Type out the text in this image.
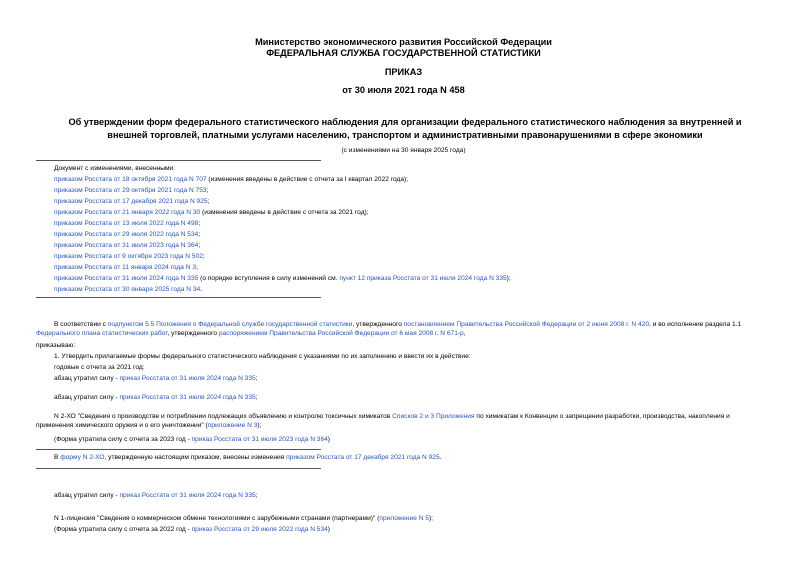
Министерство экономического развития Российской Федерации
ФЕДЕРАЛЬНАЯ СЛУЖБА ГОСУДАРСТВЕННОЙ СТАТИСТИКИ
ПРИКАЗ
от 30 июля 2021 года N 458
Об утверждении форм федерального статистического наблюдения для организации федерального статистического наблюдения за внутренней и внешней торговлей, платными услугами населению, транспортом и административными правонарушениями в сфере экономики
(с изменениями на 30 января 2025 года)
Документ с изменениями, внесенными:
приказом Росстата от 18 октября 2021 года N 707 (изменения введены в действие с отчета за I квартал 2022 года);
приказом Росстата от 29 октября 2021 года N 753;
приказом Росстата от 17 декабря 2021 года N 925;
приказом Росстата от 21 января 2022 года N 30 (изменения введены в действие с отчета за 2021 год);
приказом Росстата от 13 июля 2022 года N 498;
приказом Росстата от 29 июля 2022 года N 534;
приказом Росстата от 31 июля 2023 года N 364;
приказом Росстата от 9 октября 2023 года N 502;
приказом Росстата от 11 января 2024 года N 3;
приказом Росстата от 31 июля 2024 года N 335 (о порядке вступления в силу изменений см. пункт 12 приказа Росстата от 31 июля 2024 года N 335);
приказом Росстата от 30 января 2025 года N 34.
В соответствии с подпунктом 5.5 Положения о Федеральной службе государственной статистики, утвержденного постановлением Правительства Российской Федерации от 2 июня 2008 г. N 420, и во исполнение раздела 1.1 Федерального плана статистических работ, утвержденного распоряжением Правительства Российской Федерации от 6 мая 2008 г. N 671-р,
приказываю:
1. Утвердить прилагаемые формы федерального статистического наблюдения с указаниями по их заполнению и ввести их в действие:
годовые с отчета за 2021 год:
абзац утратил силу - приказ Росстата от 31 июля 2024 года N 335;
абзац утратил силу - приказ Росстата от 31 июля 2024 года N 335;
N 2-ХО "Сведения о производстве и потреблении подлежащих объявлению и контролю токсичных химикатов Списков 2 и 3 Приложения по химикатам к Конвенции о запрещении разработки, производства, накопления и применения химического оружия и о его уничтожении" (приложение N 3);
(Форма утратила силу с отчета за 2023 год - приказ Росстата от 31 июля 2023 года N 364)
В форму N 2-ХО, утвержденную настоящим приказом, внесены изменения приказом Росстата от 17 декабря 2021 года N 925.
абзац утратил силу - приказ Росстата от 31 июля 2024 года N 335;
N 1-лицензия "Сведения о коммерческом обмене технологиями с зарубежными странами (партнерами)" (приложение N 5);
(Форма утратила силу с отчета за 2022 год - приказ Росстата от 29 июля 2022 года N 534)
